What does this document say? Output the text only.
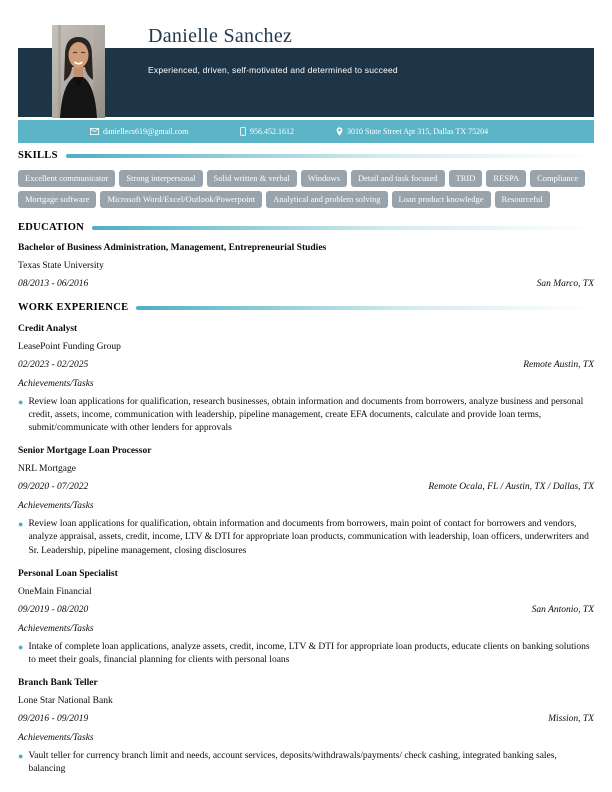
Danielle Sanchez
Experienced, driven, self-motivated and determined to succeed
daniellecs619@gmail.com	956.452.1612	3010 State Street Apt 315, Dallas TX 75204
SKILLS
Excellent communicator	Strong interpersonal	Solid written & verbal	Windows	Detail and task focused	TRID	RESPA	Compliance
Mortgage software	Microsoft Word/Excel/Outlook/Powerpoint	Analytical and problem solving	Loan product knowledge	Resourceful
EDUCATION
Bachelor of Business Administration, Management, Entrepreneurial Studies
Texas State University
08/2013 - 06/2016	San Marco, TX
WORK EXPERIENCE
Credit Analyst
LeasePoint Funding Group
02/2023 - 02/2025	Remote Austin, TX
Achievements/Tasks
● Review loan applications for qualification, research businesses, obtain information and documents from borrowers, analyze business and personal credit, assets, income, communication with leadership, pipeline management, create EFA documents, calculate and provide loan terms, submit/communicate with other lenders for approvals
Senior Mortgage Loan Processor
NRL Mortgage
09/2020 - 07/2022	Remote Ocala, FL / Austin, TX / Dallas, TX
Achievements/Tasks
● Review loan applications for qualification, obtain information and documents from borrowers, main point of contact for borrowers and vendors, analyze appraisal, assets, credit, income, LTV & DTI for appropriate loan products, communication with leadership, loan officers, underwriters and Sr. Leadership, pipeline management, closing disclosures
Personal Loan Specialist
OneMain Financial
09/2019 - 08/2020	San Antonio, TX
Achievements/Tasks
● Intake of complete loan applications, analyze assets, credit, income, LTV & DTI for appropriate loan products, educate clients on banking solutions to meet their goals, financial planning for clients with personal loans
Branch Bank Teller
Lone Star National Bank
09/2016 - 09/2019	Mission, TX
Achievements/Tasks
● Vault teller for currency branch limit and needs, account services, deposits/withdrawals/payments/ check cashing, integrated banking sales, balancing
